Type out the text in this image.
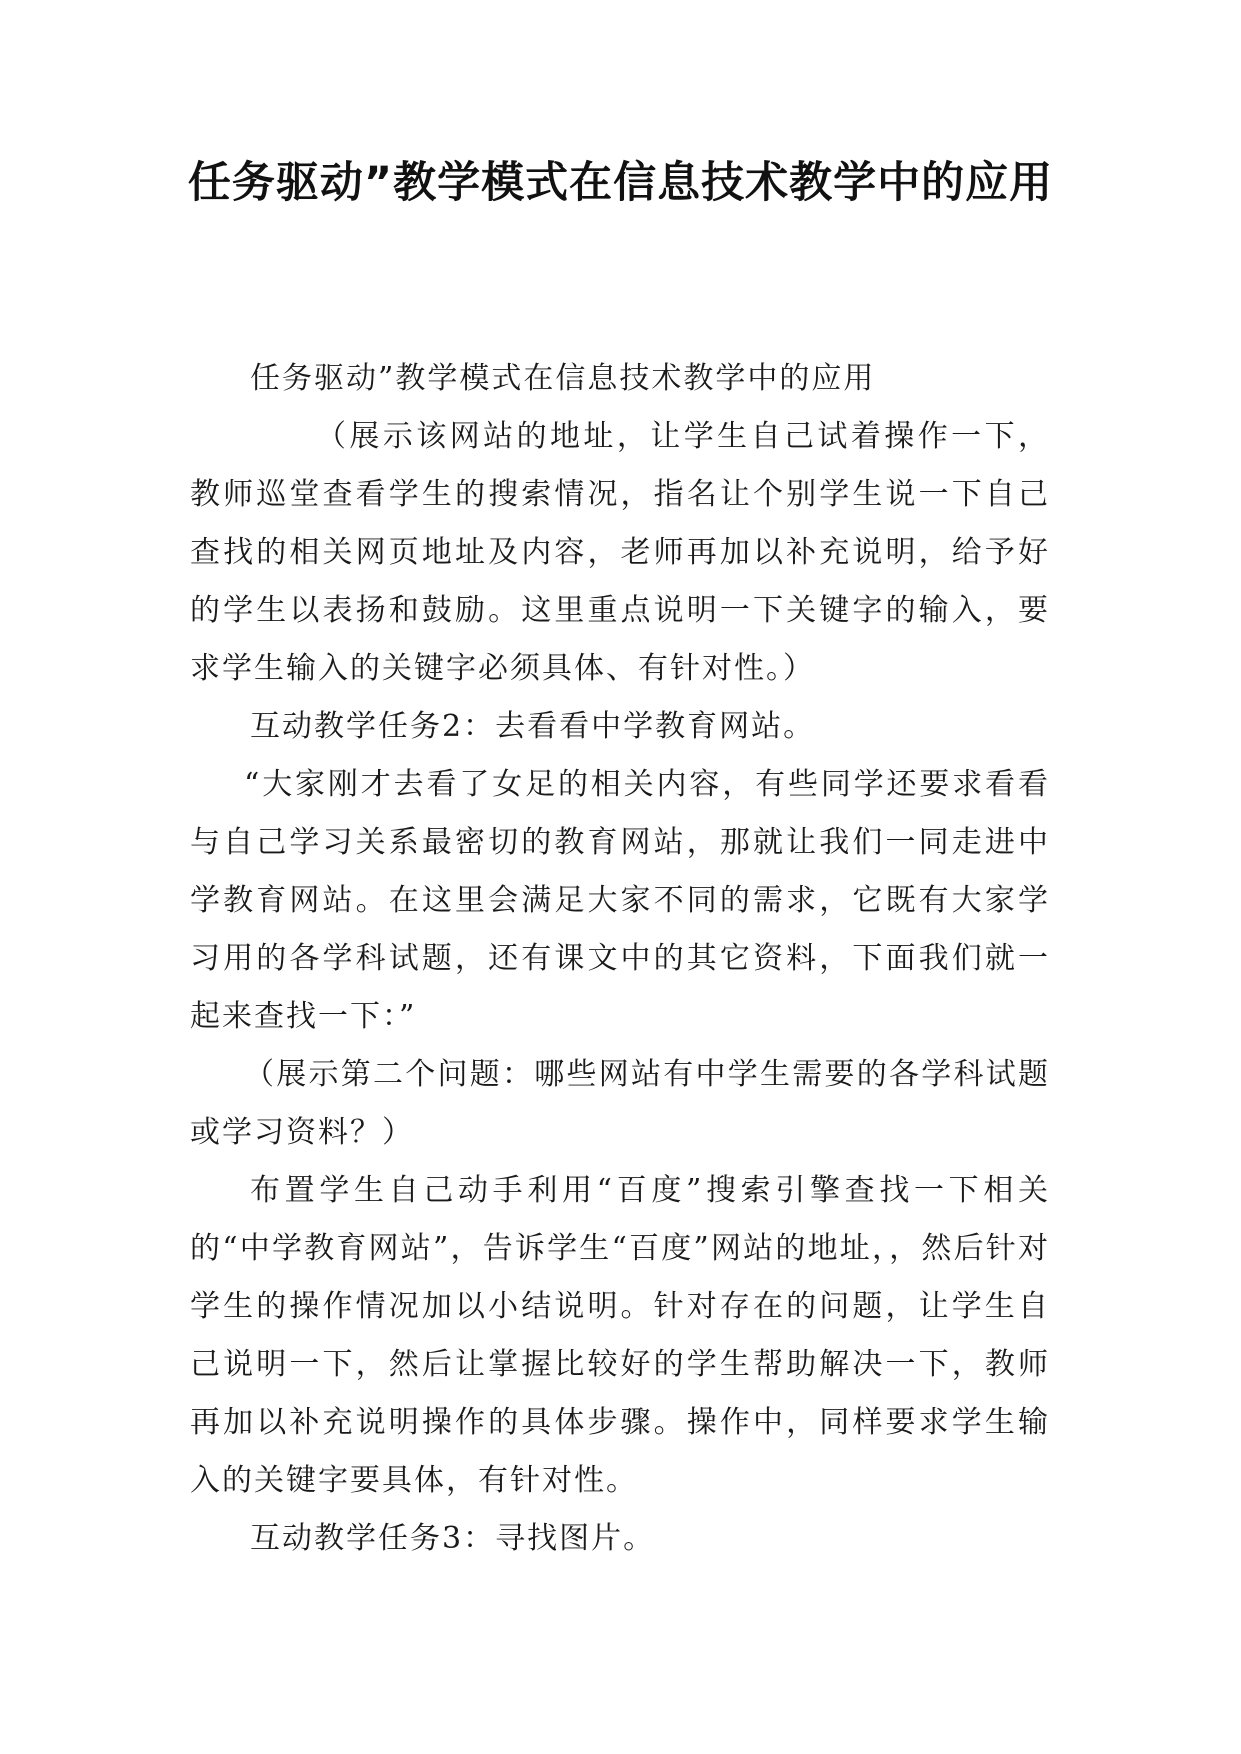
任务驱动”教学模式在信息技术教学中的应用

任务驱动”教学模式在信息技术教学中的应用

（展示该网站的地址，让学生自己试着操作一下，教师巡堂查看学生的搜索情况，指名让个别学生说一下自己查找的相关网页地址及内容，老师再加以补充说明，给予好的学生以表扬和鼓励。这里重点说明一下关键字的输入，要求学生输入的关键字必须具体、有针对性。）

互动教学任务2：去看看中学教育网站。

“大家刚才去看了女足的相关内容，有些同学还要求看看与自己学习关系最密切的教育网站，那就让我们一同走进中学教育网站。在这里会满足大家不同的需求，它既有大家学习用的各学科试题，还有课文中的其它资料，下面我们就一起来查找一下：”

（展示第二个问题：哪些网站有中学生需要的各学科试题或学习资料？）

布置学生自己动手利用“百度”搜索引擎查找一下相关的“中学教育网站”，告诉学生“百度”网站的地址，，然后针对学生的操作情况加以小结说明。针对存在的问题，让学生自己说明一下，然后让掌握比较好的学生帮助解决一下，教师再加以补充说明操作的具体步骤。操作中，同样要求学生输入的关键字要具体，有针对性。

互动教学任务3：寻找图片。
